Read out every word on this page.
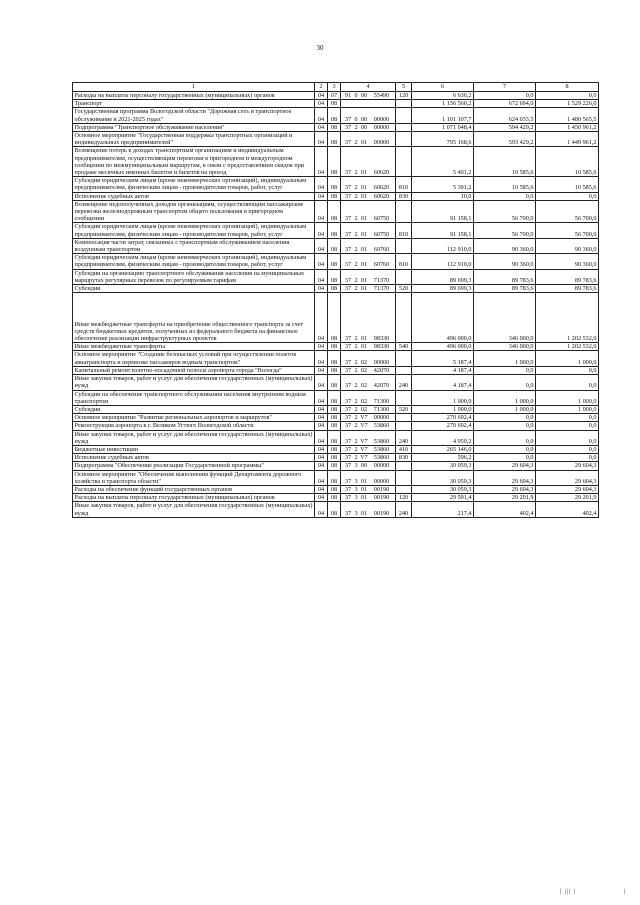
30
1	2	3	4	5	6	7	8
Расходы на выплаты персоналу государственных (муниципальных) органов	04	07	91 0 00 55490	120	6 636,2	0,0	0,0
Транспорт	04	08			1 156 560,2	672 694,0	1 529 226,0
Государственная программа Вологодской области "Дорожная сеть и транспортное обслуживание в 2021-2025 годах"	04	08	37 0 00 00000		1 101 107,7	624 033,5	1 480 565,5
Подпрограмма "Транспортное обслуживание населения"	04	08	37 2 00 00000		1 071 048,4	594 429,2	1 450 961,2
Основное мероприятие "Государственная поддержка транспортных организаций и индивидуальных предпринимателей"	04	08	37 2 01 00000		795 168,6	593 429,2	1 449 961,2
Возмещение потерь в доходах транспортным организациям и индивидуальным предпринимателям, осуществляющим перевозки в пригородном и междугородном сообщении по межмуниципальным маршрутам, в связи с предоставлением скидок при продаже месячных именных билетов и билетов на проезд	04	08	37 2 01 60620		5 401,2	10 585,6	10 585,6
Субсидии юридическим лицам (кроме некоммерческих организаций), индивидуальным предпринимателям, физическим лицам - производителям товаров, работ, услуг	04	08	37 2 01 60620	810	5 391,2	10 585,6	10 585,6
Исполнение судебных актов	04	08	37 2 01 60620	830	10,0	0,0	0,0
Возмещение недополученных доходов организациям, осуществляющим пассажирские перевозки железнодорожным транспортом общего пользования в пригородном сообщении	04	08	37 2 01 60750		91 158,1	56 700,0	56 700,0
Субсидии юридическим лицам (кроме некоммерческих организаций), индивидуальным предпринимателям, физическим лицам - производителям товаров, работ, услуг	04	08	37 2 01 60750	810	91 158,1	56 700,0	56 700,0
Компенсация части затрат, связанных с транспортным обслуживанием населения воздушным транспортом	04	08	37 2 01 60760		112 910,0	90 360,0	90 360,0
Субсидии юридическим лицам (кроме некоммерческих организаций), индивидуальным предпринимателям, физическим лицам - производителям товаров, работ, услуг	04	08	37 2 01 60760	810	112 910,0	90 360,0	90 360,0
Субсидии на организацию транспортного обслуживания населения на муниципальных маршрутах регулярных перевозок по регулируемым тарифам	04	08	37 2 01 71370		89 699,3	89 783,6	89 783,6
Субсидии	04	08	37 2 01 71370	520	89 699,3	89 783,6	89 783,6
Иные межбюджетные трансферты на приобретение общественного транспорта за счет средств бюджетных кредитов, полученных из федерального бюджета на финансовое обеспечение реализации инфраструктурных проектов	04	08	37 2 01 98330		496 000,0	346 000,0	1 202 532,0
Иные межбюджетные трансферты	04	08	37 2 01 98330	540	496 000,0	346 000,0	1 202 532,0
Основное мероприятие "Создание безопасных условий при осуществлении полетов авиатранспорта и перевозке пассажиров водным транспортом"	04	08	37 2 02 00000		5 187,4	1 000,0	1 000,0
Капитальный ремонт взлетно-посадочной полосы аэропорта города "Вологда"	04	08	37 2 02 42070		4 187,4	0,0	0,0
Иные закупки товаров, работ и услуг для обеспечения государственных (муниципальных) нужд	04	08	37 2 02 42070	240	4 187,4	0,0	0,0
Субсидии на обеспечение транспортного обслуживания населения внутренним водным транспортом	04	08	37 2 02 71300		1 000,0	1 000,0	1 000,0
Субсидии	04	08	37 2 02 71300	520	1 000,0	1 000,0	1 000,0
Основное мероприятие "Развитие региональных аэропортов и маршрутов"	04	08	37 2 V7 00000		270 692,4	0,0	0,0
Реконструкция аэропорта в г. Великом Устюге Вологодской области	04	08	37 2 V7 53860		270 692,4	0,0	0,0
Иные закупки товаров, работ и услуг для обеспечения государственных (муниципальных) нужд	04	08	37 2 V7 53860	240	4 950,2	0,0	0,0
Бюджетные инвестиции	04	08	37 2 V7 53860	410	265 146,0	0,0	0,0
Исполнение судебных актов	04	08	37 2 V7 53860	830	596,2	0,0	0,0
Подпрограмма "Обеспечение реализации Государственной программы"	04	08	37 3 00 00000		30 059,3	29 604,3	29 604,3
Основное мероприятие "Обеспечение выполнения функций Департамента дорожного хозяйства и транспорта области"	04	08	37 3 01 00000		30 059,3	29 604,3	29 604,3
Расходы на обеспечение функций государственных органов	04	08	37 3 01 00190		30 059,3	29 604,3	29 604,3
Расходы на выплаты персоналу государственных (муниципальных) органов	04	08	37 3 01 00190	120	29 591,4	29 201,9	29 201,9
Иные закупки товаров, работ и услуг для обеспечения государственных (муниципальных) нужд	04	08	37 3 01 00190	240	217,4	402,4	402,4
| ||| |	|
